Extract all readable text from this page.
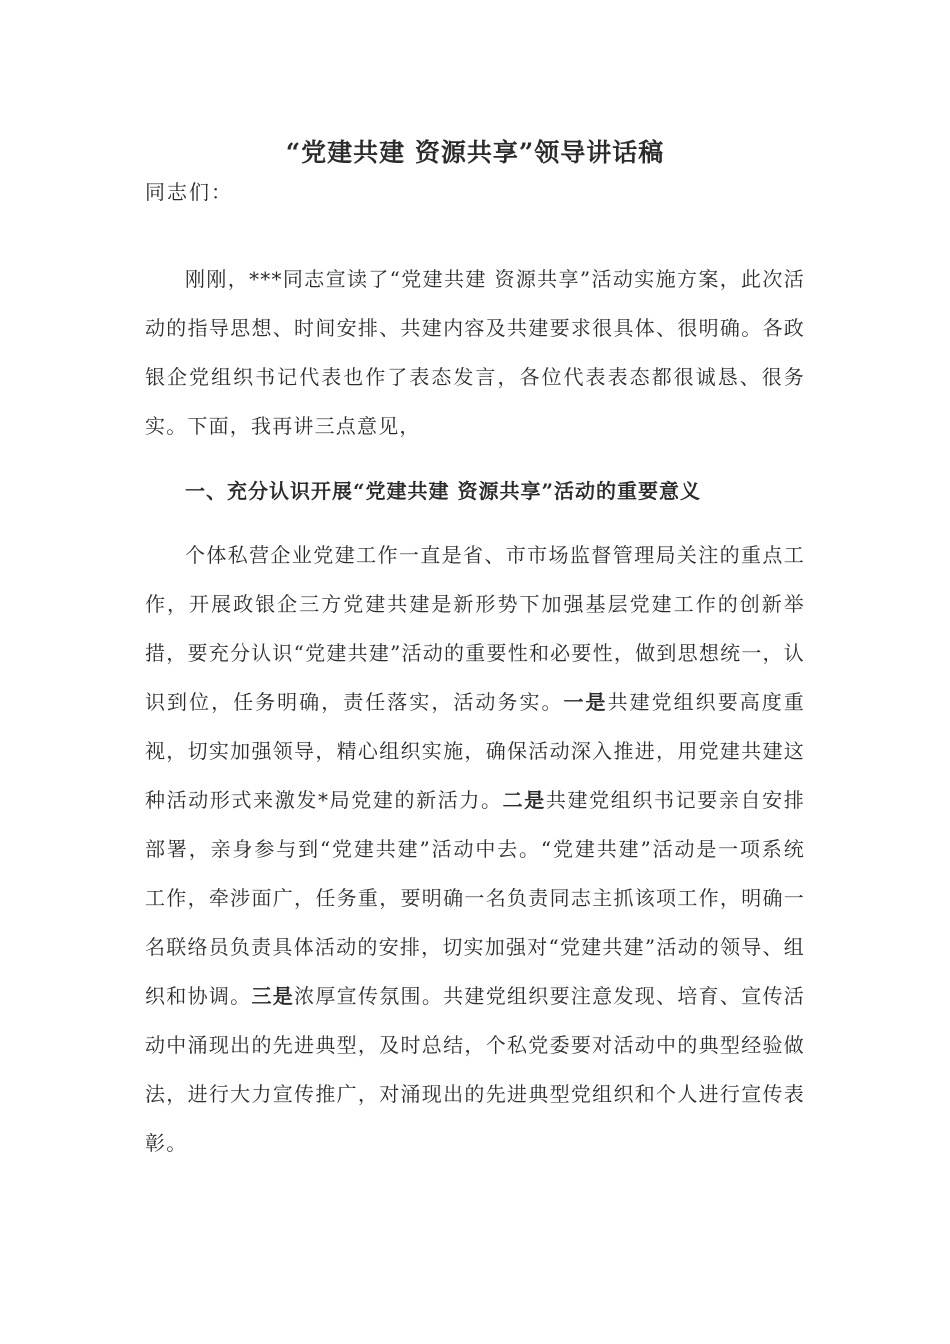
“党建共建 资源共享”领导讲话稿

同志们：

刚刚，***同志宣读了“党建共建 资源共享”活动实施方案，此次活动的指导思想、时间安排、共建内容及共建要求很具体、很明确。各政银企党组织书记代表也作了表态发言，各位代表表态都很诚恳、很务实。下面，我再讲三点意见，

一、充分认识开展“党建共建 资源共享”活动的重要意义

个体私营企业党建工作一直是省、市市场监督管理局关注的重点工作，开展政银企三方党建共建是新形势下加强基层党建工作的创新举措，要充分认识“党建共建”活动的重要性和必要性，做到思想统一，认识到位，任务明确，责任落实，活动务实。一是共建党组织要高度重视，切实加强领导，精心组织实施，确保活动深入推进，用党建共建这种活动形式来激发*局党建的新活力。二是共建党组织书记要亲自安排部署，亲身参与到“党建共建”活动中去。“党建共建”活动是一项系统工作，牵涉面广，任务重，要明确一名负责同志主抓该项工作，明确一名联络员负责具体活动的安排，切实加强对“党建共建”活动的领导、组织和协调。三是浓厚宣传氛围。共建党组织要注意发现、培育、宣传活动中涌现出的先进典型，及时总结，个私党委要对活动中的典型经验做法，进行大力宣传推广，对涌现出的先进典型党组织和个人进行宣传表彰。
